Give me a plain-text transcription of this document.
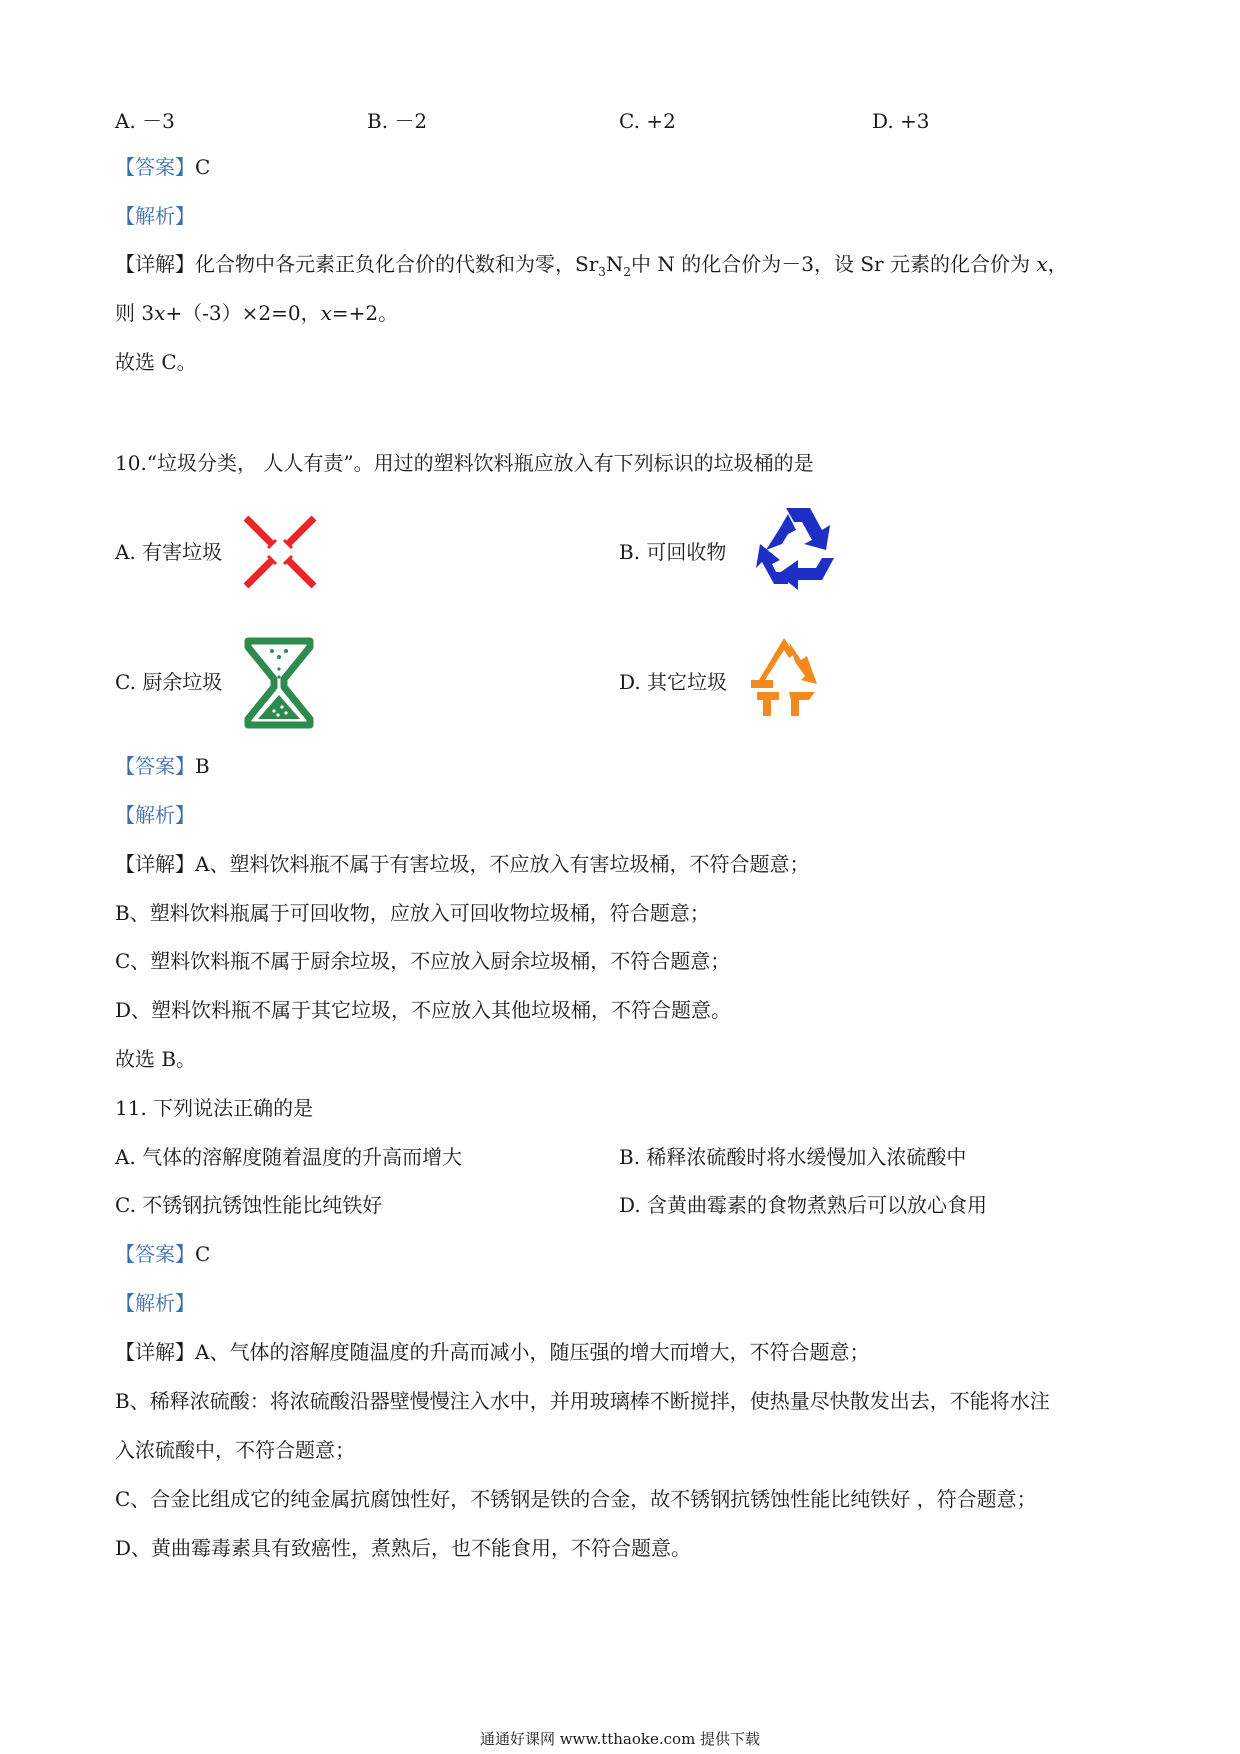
A. －3	B. －2	C. +2	D. +3
【答案】C
【解析】
【详解】化合物中各元素正负化合价的代数和为零，$Sr_3N_2$中 N 的化合价为－3，设 Sr 元素的化合价为 x，
则 3x+（-3）×2=0，x=+2。
故选 C。
10.“垃圾分类， 人人有责”。用过的塑料饮料瓶应放入有下列标识的垃圾桶的是
A. 有害垃圾	B. 可回收物
C. 厨余垃圾	D. 其它垃圾
【答案】B
【解析】
【详解】A、塑料饮料瓶不属于有害垃圾，不应放入有害垃圾桶，不符合题意；
B、塑料饮料瓶属于可回收物，应放入可回收物垃圾桶，符合题意；
C、塑料饮料瓶不属于厨余垃圾，不应放入厨余垃圾桶，不符合题意；
D、塑料饮料瓶不属于其它垃圾，不应放入其他垃圾桶，不符合题意。
故选 B。
11. 下列说法正确的是
A. 气体的溶解度随着温度的升高而增大	B. 稀释浓硫酸时将水缓慢加入浓硫酸中
C. 不锈钢抗锈蚀性能比纯铁好	D. 含黄曲霉素的食物煮熟后可以放心食用
【答案】C
【解析】
【详解】A、气体的溶解度随温度的升高而减小，随压强的增大而增大，不符合题意；
B、稀释浓硫酸：将浓硫酸沿器壁慢慢注入水中，并用玻璃棒不断搅拌，使热量尽快散发出去，不能将水注
入浓硫酸中，不符合题意；
C、合金比组成它的纯金属抗腐蚀性好，不锈钢是铁的合金，故不锈钢抗锈蚀性能比纯铁好 ，符合题意；
D、黄曲霉毒素具有致癌性，煮熟后，也不能食用，不符合题意。
通通好课网 www.tthaoke.com 提供下载
